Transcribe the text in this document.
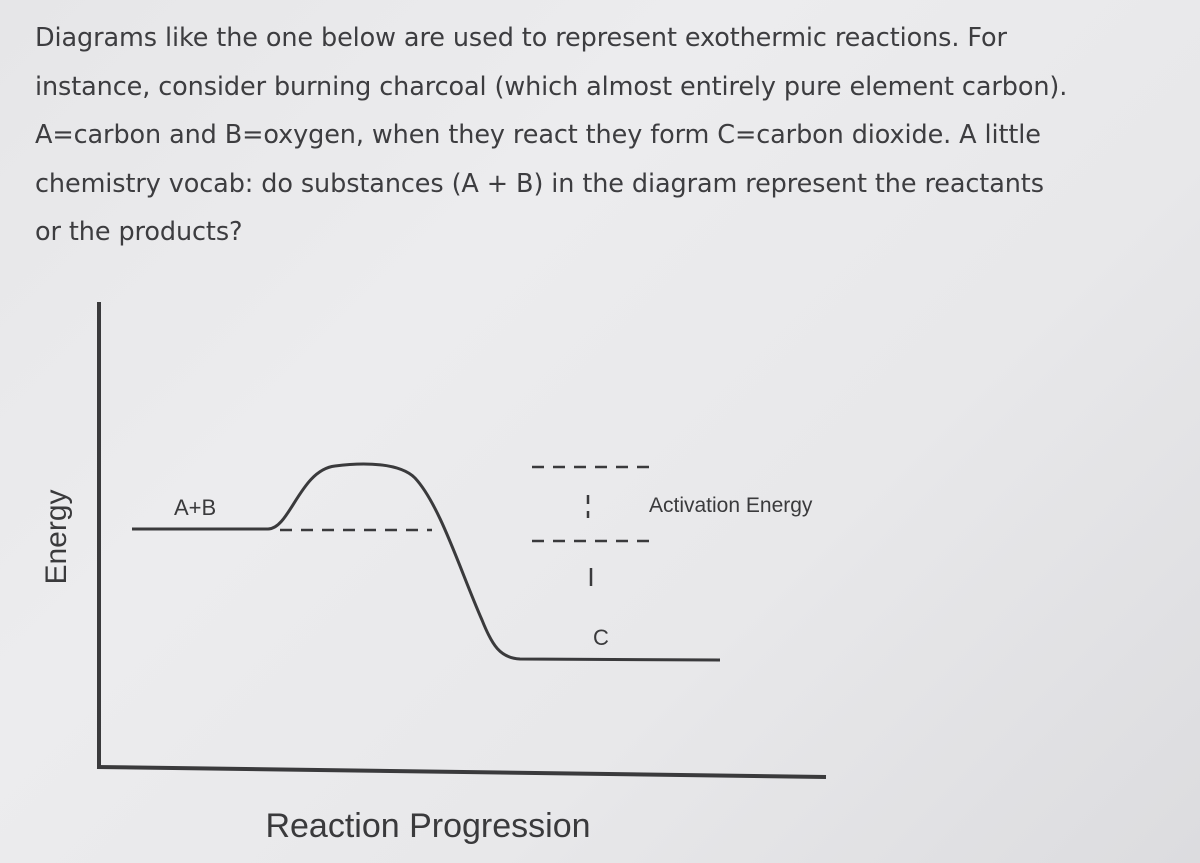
Diagrams like the one below are used to represent exothermic reactions. For
instance, consider burning charcoal (which almost entirely pure element carbon).
A=carbon and B=oxygen, when they react they form C=carbon dioxide. A little
chemistry vocab: do substances (A + B) in the diagram represent the reactants
or the products?
A+B
C
Activation Energy
Reaction Progression
Energy
